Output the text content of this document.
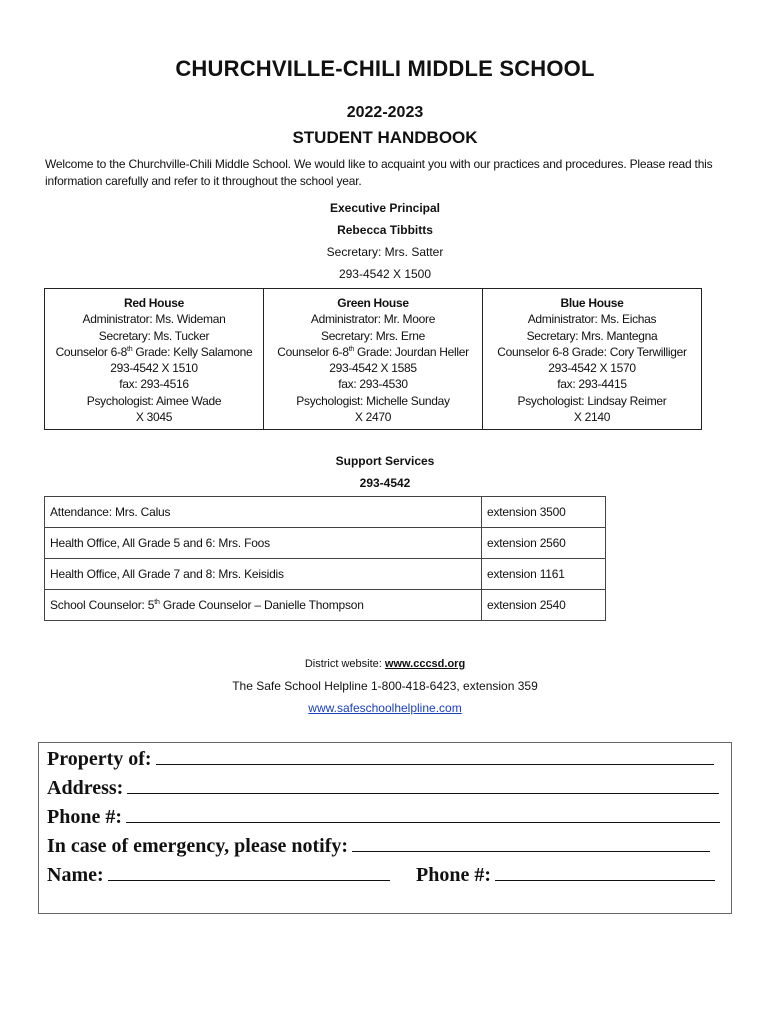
CHURCHVILLE-CHILI MIDDLE SCHOOL
2022-2023
STUDENT HANDBOOK
Welcome to the Churchville-Chili Middle School. We would like to acquaint you with our practices and procedures. Please read this information carefully and refer to it throughout the school year.
Executive Principal
Rebecca Tibbitts
Secretary: Mrs. Satter
293-4542 X 1500
Red House
Administrator: Ms. Wideman
Secretary: Ms. Tucker
Counselor 6-8th Grade: Kelly Salamone
293-4542 X 1510
fax: 293-4516
Psychologist: Aimee Wade
X 3045
Green House
Administrator: Mr. Moore
Secretary: Mrs. Erne
Counselor 6-8th Grade: Jourdan Heller
293-4542 X 1585
fax: 293-4530
Psychologist: Michelle Sunday
X 2470
Blue House
Administrator: Ms. Eichas
Secretary: Mrs. Mantegna
Counselor 6-8 Grade: Cory Terwilliger
293-4542 X 1570
fax: 293-4415
Psychologist: Lindsay Reimer
X 2140
Support Services
293-4542
Attendance: Mrs. Calus	extension 3500
Health Office, All Grade 5 and 6: Mrs. Foos	extension 2560
Health Office, All Grade 7 and 8: Mrs. Keisidis	extension 1161
School Counselor: 5th Grade Counselor – Danielle Thompson	extension 2540
District website: www.cccsd.org
The Safe School Helpline 1-800-418-6423, extension 359
www.safeschoolhelpline.com
Property of:
Address:
Phone #:
In case of emergency, please notify:
Name:	Phone #:
